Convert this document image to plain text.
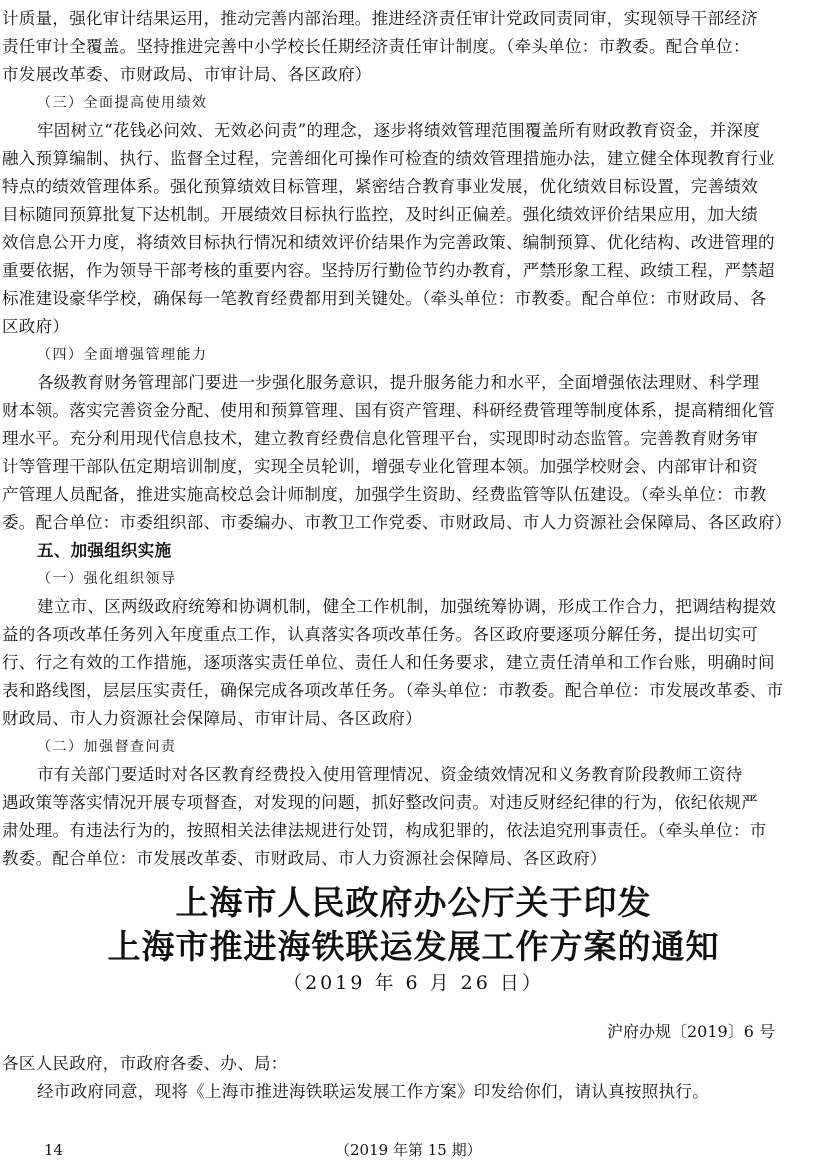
计质量，强化审计结果运用，推动完善内部治理。推进经济责任审计党政同责同审，实现领导干部经济
责任审计全覆盖。坚持推进完善中小学校长任期经济责任审计制度。（牵头单位：市教委。配合单位：
市发展改革委、市财政局、市审计局、各区政府）
（三）全面提高使用绩效
牢固树立“花钱必问效、无效必问责”的理念，逐步将绩效管理范围覆盖所有财政教育资金，并深度
融入预算编制、执行、监督全过程，完善细化可操作可检查的绩效管理措施办法，建立健全体现教育行业
特点的绩效管理体系。强化预算绩效目标管理，紧密结合教育事业发展，优化绩效目标设置，完善绩效
目标随同预算批复下达机制。开展绩效目标执行监控，及时纠正偏差。强化绩效评价结果应用，加大绩
效信息公开力度，将绩效目标执行情况和绩效评价结果作为完善政策、编制预算、优化结构、改进管理的
重要依据，作为领导干部考核的重要内容。坚持厉行勤俭节约办教育，严禁形象工程、政绩工程，严禁超
标准建设豪华学校，确保每一笔教育经费都用到关键处。（牵头单位：市教委。配合单位：市财政局、各
区政府）
（四）全面增强管理能力
各级教育财务管理部门要进一步强化服务意识，提升服务能力和水平，全面增强依法理财、科学理
财本领。落实完善资金分配、使用和预算管理、国有资产管理、科研经费管理等制度体系，提高精细化管
理水平。充分利用现代信息技术，建立教育经费信息化管理平台，实现即时动态监管。完善教育财务审
计等管理干部队伍定期培训制度，实现全员轮训，增强专业化管理本领。加强学校财会、内部审计和资
产管理人员配备，推进实施高校总会计师制度，加强学生资助、经费监管等队伍建设。（牵头单位：市教
委。配合单位：市委组织部、市委编办、市教卫工作党委、市财政局、市人力资源社会保障局、各区政府）
五、加强组织实施
（一）强化组织领导
建立市、区两级政府统筹和协调机制，健全工作机制，加强统筹协调，形成工作合力，把调结构提效
益的各项改革任务列入年度重点工作，认真落实各项改革任务。各区政府要逐项分解任务，提出切实可
行、行之有效的工作措施，逐项落实责任单位、责任人和任务要求，建立责任清单和工作台账，明确时间
表和路线图，层层压实责任，确保完成各项改革任务。（牵头单位：市教委。配合单位：市发展改革委、市
财政局、市人力资源社会保障局、市审计局、各区政府）
（二）加强督查问责
市有关部门要适时对各区教育经费投入使用管理情况、资金绩效情况和义务教育阶段教师工资待
遇政策等落实情况开展专项督查，对发现的问题，抓好整改问责。对违反财经纪律的行为，依纪依规严
肃处理。有违法行为的，按照相关法律法规进行处罚，构成犯罪的，依法追究刑事责任。（牵头单位：市
教委。配合单位：市发展改革委、市财政局、市人力资源社会保障局、各区政府）
上海市人民政府办公厅关于印发
上海市推进海铁联运发展工作方案的通知
（2019 年 6 月 26 日）
沪府办规〔2019〕6 号
各区人民政府，市政府各委、办、局：
经市政府同意，现将《上海市推进海铁联运发展工作方案》印发给你们，请认真按照执行。
14	（2019 年第 15 期）
